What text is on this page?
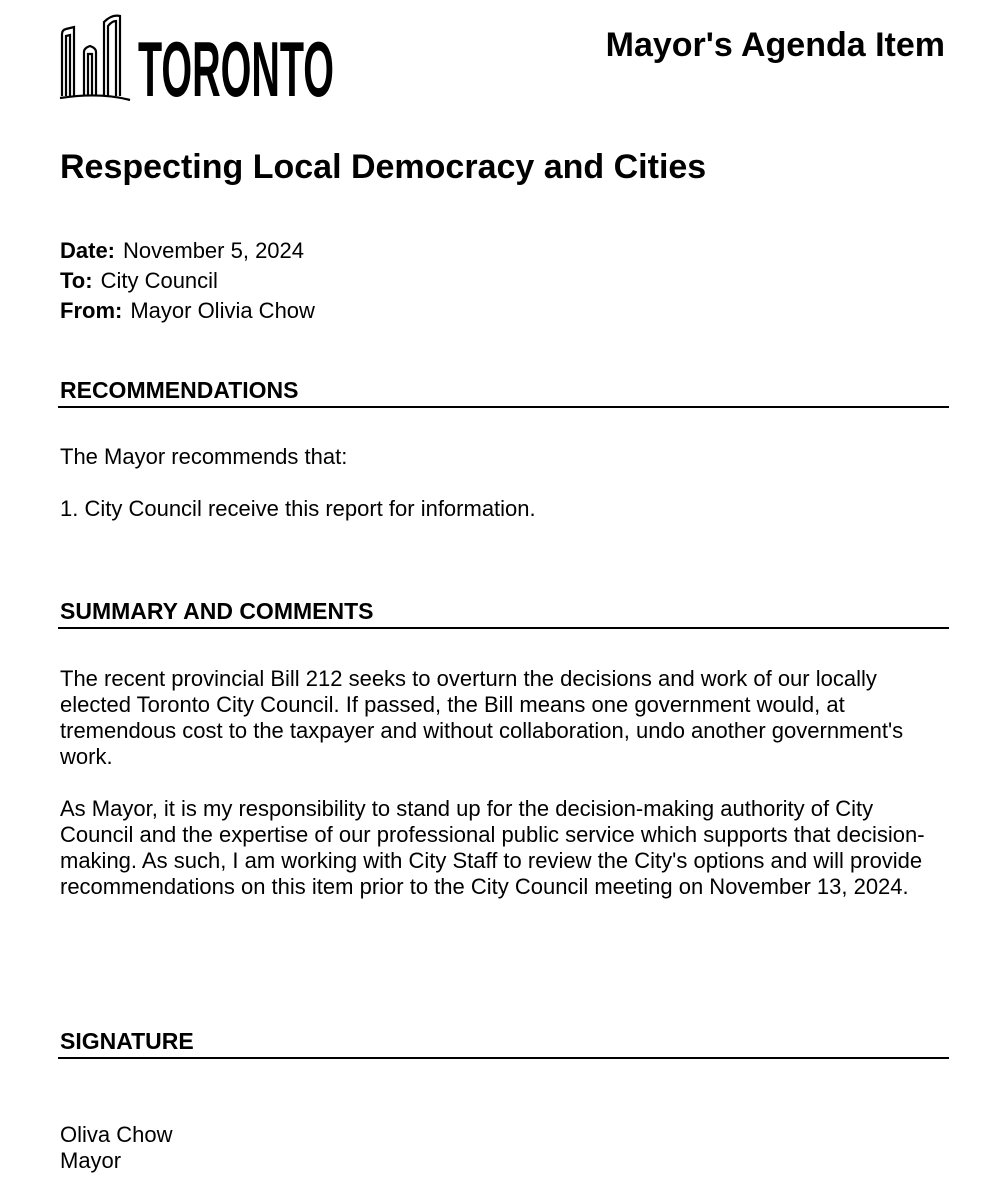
TORONTO	Mayor's Agenda Item
Respecting Local Democracy and Cities
Date: November 5, 2024
To: City Council
From: Mayor Olivia Chow
RECOMMENDATIONS
The Mayor recommends that:
1. City Council receive this report for information.
SUMMARY AND COMMENTS
The recent provincial Bill 212 seeks to overturn the decisions and work of our locally elected Toronto City Council. If passed, the Bill means one government would, at tremendous cost to the taxpayer and without collaboration, undo another government's work.
As Mayor, it is my responsibility to stand up for the decision-making authority of City Council and the expertise of our professional public service which supports that decision-making. As such, I am working with City Staff to review the City's options and will provide recommendations on this item prior to the City Council meeting on November 13, 2024.
SIGNATURE
Oliva Chow
Mayor
